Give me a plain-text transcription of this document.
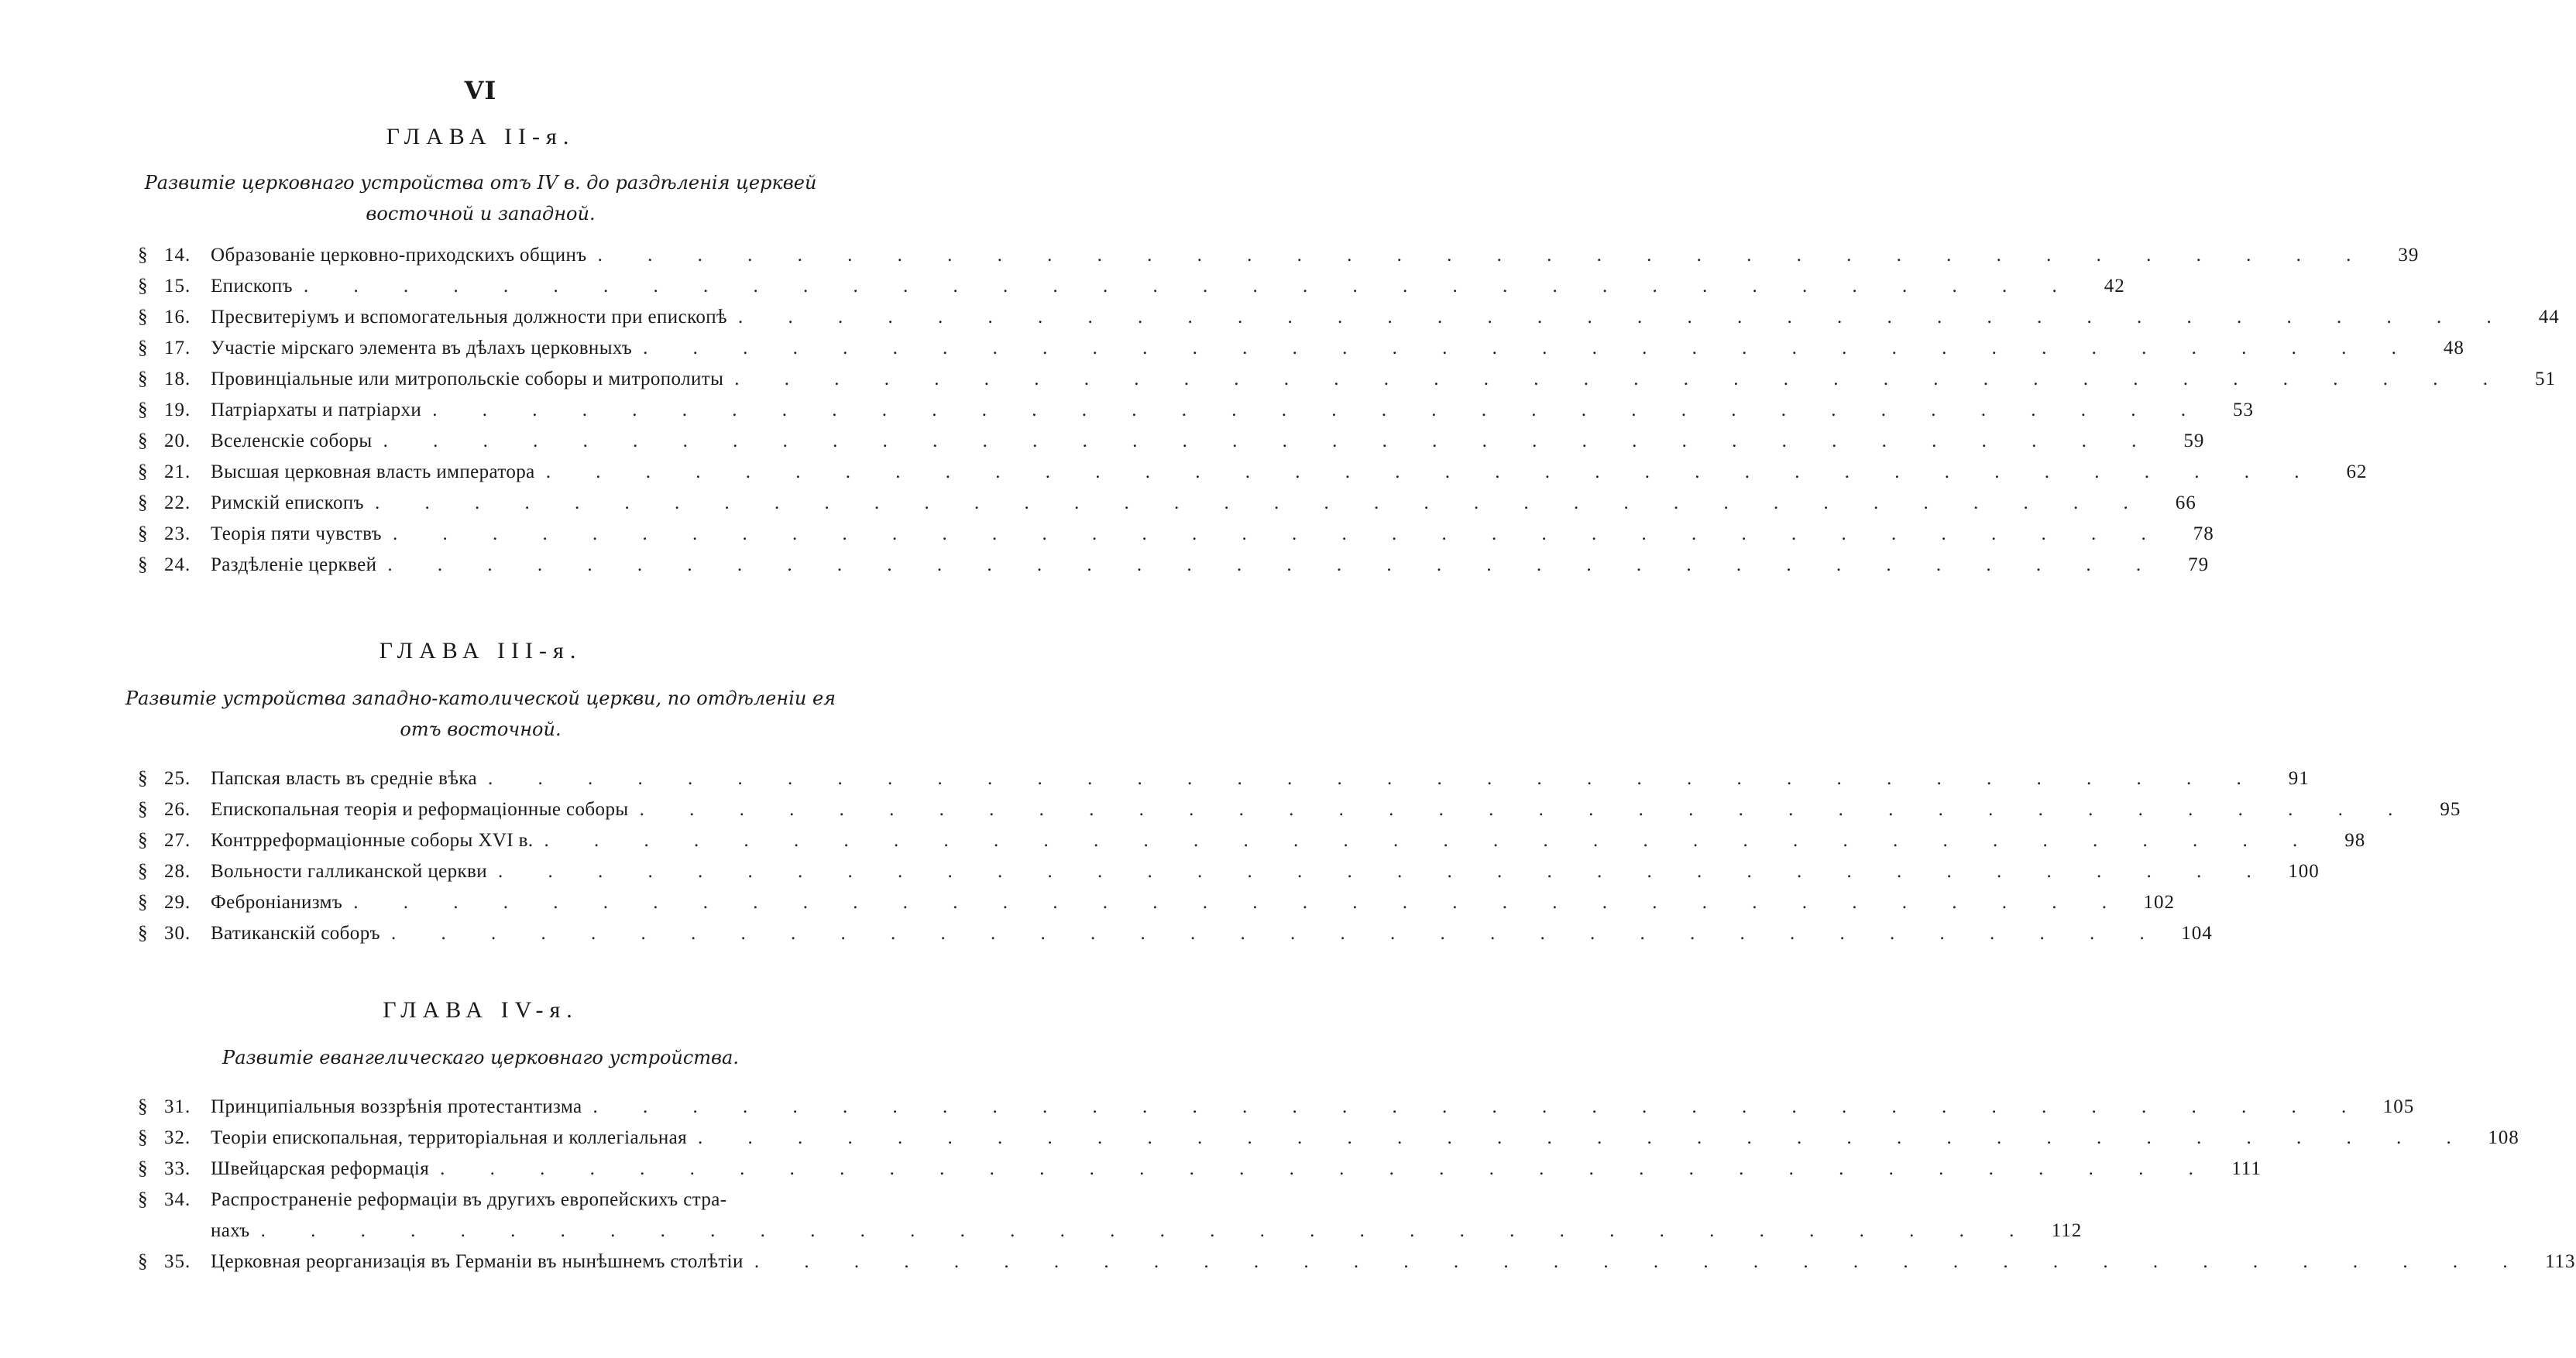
VI
ГЛАВА II-я.
Развитіе церковнаго устройства отъ IV в. до раздѣленія церквей восточной и западной.
§ 14.	Образованіе церковно-приходскихъ общинъ . . .	39
§ 15.	Епископъ . . .	42
§ 16.	Пресвитеріумъ и вспомогательныя должности при епископѣ . . .	44
§ 17.	Участіе мірскаго элемента въ дѣлахъ церковныхъ . . .	48
§ 18.	Провинціальные или митропольскіе соборы и митрополиты . . .	51
§ 19.	Патріархаты и патріархи . . .	53
§ 20.	Вселенскіе соборы . . .	59
§ 21.	Высшая церковная власть императора . . .	62
§ 22.	Римскій епископъ . . .	66
§ 23.	Теорія пяти чувствъ . . .	78
§ 24.	Раздѣленіе церквей . . .	79
ГЛАВА III-я.
Развитіе устройства западно-католической церкви, по отдѣленіи ея отъ восточной.
§ 25.	Папская власть въ средніе вѣка . . .	91
§ 26.	Епископальная теорія и реформаціонные соборы . . .	95
§ 27.	Контрреформаціонные соборы XVI в. . . .	98
§ 28.	Вольности галликанской церкви . . .	100
§ 29.	Феброніанизмъ . . .	102
§ 30.	Ватиканскій соборъ . . .	104
ГЛАВА IV-я.
Развитіе евангелическаго церковнаго устройства.
§ 31.	Принципіальныя воззрѣнія протестантизма . . .	105
§ 32.	Теоріи епископальная, территоріальная и коллегіальная . . .	108
§ 33.	Швейцарская реформація . . .	111
§ 34.	Распространеніе реформаціи въ другихъ европейскихъ стра-
нахъ . . .	112
§ 35.	Церковная реорганизація въ Германіи въ нынѣшнемъ столѣтіи . . .	113
